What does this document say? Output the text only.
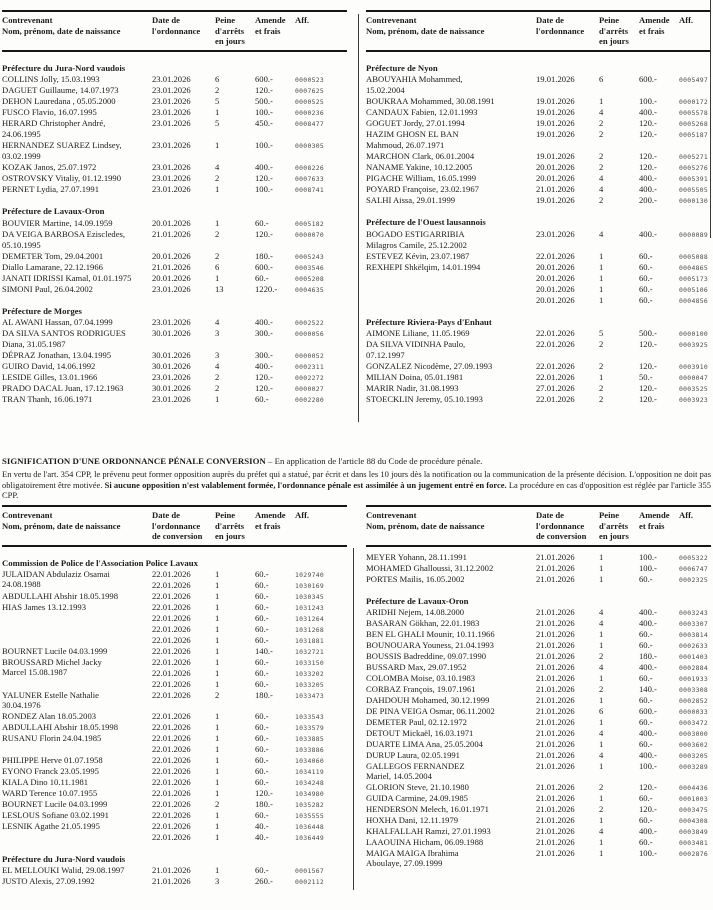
Contrevenant
Nom, prénom, date de naissance
Date de
l'ordonnance
Peine
d'arrêts
en jours
Amende
et frais
Aff.
Préfecture du Jura-Nord vaudois
COLLINS Jolly, 15.03.1993	23.01.2026	6	600.-	0000523
DAGUET Guillaume, 14.07.1973	23.01.2026	2	120.-	0007625
DEHON Lauredana , 05.05.2000	23.01.2026	5	500.-	0000525
FUSCO Flavio, 16.07.1995	23.01.2026	1	100.-	0000236
HERARD Christopher André,
24.06.1995
23.01.2026	5	450.-	0008477
HERNANDEZ SUAREZ Lindsey,
03.02.1999
23.01.2026	1	100.-	0000305
KOZAK Janos, 25.07.1972	23.01.2026	4	400.-	0008226
OSTROVSKY Vitaliy, 01.12.1990	23.01.2026	2	120.-	0007633
PERNET Lydia, 27.07.1991	23.01.2026	1	100.-	0008741
Préfecture de Lavaux-Oron
BOUVIER Martine, 14.09.1959	20.01.2026	1	60.-	0005182
DA VEIGA BARBOSA Eziscledes,
05.10.1995
21.01.2026	2	120.-	0000070
DEMETER Tom, 29.04.2001	20.01.2026	2	180.-	0005243
Diallo Lamarane, 22.12.1966	21.01.2026	6	600.-	0003546
JANATI IDRISSI Kamal, 01.01.1975	20.01.2026	1	60.-	0005208
SIMONI Paul, 26.04.2002	23.01.2026	13	1220.-	0004635
Préfecture de Morges
AL AWANI Hassan, 07.04.1999	23.01.2026	4	400.-	0002522
DA SILVA SANTOS RODRIGUES
Diana, 31.05.1987
30.01.2026	3	300.-	0000056
DÉPRAZ Jonathan, 13.04.1995	30.01.2026	3	300.-	0000052
GUIRO David, 14.06.1992	30.01.2026	4	400.-	0002311
LESIDE Gilles, 13.01.1966	23.01.2026	2	120.-	0002272
PRADO DACAL Juan, 17.12.1963	30.01.2026	2	120.-	0000027
TRAN Thanh, 16.06.1971	23.01.2026	1	60.-	0002280
Contrevenant
Nom, prénom, date de naissance
Date de
l'ordonnance
Peine
d'arrêts
en jours
Amende
et frais
Aff.
Préfecture de Nyon
ABOUYAHIA Mohammed,
15.02.2004
19.01.2026	6	600.-	0005497
BOUKRAA Mohammed, 30.08.1991	19.01.2026	1	100.-	0000172
CANDAUX Fabien, 12.01.1993	19.01.2026	4	400.-	0005578
GOGUET Jordy, 27.01.1994	19.01.2026	2	120.-	0005268
HAZIM GHOSN EL BAN
Mahmoud, 26.07.1971
19.01.2026	2	120.-	0005187
MARCHON Clark, 06.01.2004	19.01.2026	2	120.-	0005271
NANAME Yakine, 10.12.2005	20.01.2026	2	120.-	0005276
PIGACHE William, 16.05.1999	20.01.2026	4	400.-	0005391
POYARD Françoise, 23.02.1967	21.01.2026	4	400.-	0005505
SALHI Aissa, 29.01.1999	19.01.2026	2	200.-	0000130
Préfecture de l'Ouest lausannois
BOGADO ESTIGARRIBIA
Milagros Camile, 25.12.2002
23.01.2026	4	400.-	0000089
ESTEVEZ Kévin, 23.07.1987	22.01.2026	1	60.-	0005088
REXHEPI Shkëlqim, 14.01.1994	20.01.2026	1	60.-	0004865
20.01.2026	1	60.-	0005173
20.01.2026	1	60.-	0005106
20.01.2026	1	60.-	0004856
Préfecture Riviera-Pays d'Enhaut
AIMONE Liliane, 11.05.1969	22.01.2026	5	500.-	0000100
DA SILVA VIDINHA Paulo,
07.12.1997
22.01.2026	2	120.-	0003925
GONZALEZ Nicodème, 27.09.1993	22.01.2026	2	120.-	0003910
MILIAN Doina, 05.01.1981	22.01.2026	1	50.-	0000047
MARIR Nadir, 31.08.1993	27.01.2026	2	120.-	0003525
STOECKLIN Jeremy, 05.10.1993	22.01.2026	2	120.-	0003923

SIGNIFICATION D'UNE ORDONNANCE PÉNALE CONVERSION – En application de l'article 88 du Code de procédure pénale.

En vertu de l'art. 354 CPP, le prévenu peut former opposition auprès du préfet qui a statué, par écrit et dans les 10 jours dès la notification ou la communication de la présente décision. L'opposition ne doit pas obligatoirement être motivée. Si aucune opposition n'est valablement formée, l'ordonnance pénale est assimilée à un jugement entré en force. La procédure en cas d'opposition est réglée par l'article 355 CPP.

Contrevenant
Nom, prénom, date de naissance
Date de
l'ordonnance
de conversion
Peine
d'arrêts
en jours
Amende
et frais
Aff.
Commission de Police de l'Association Police Lavaux
JULAIDAN Abdulaziz Osamai
24.08.1988
22.01.2026	1	60.-	1029740
22.01.2026	1	60.-	1030169
ABDULLAHI Abshir 18.05.1998	22.01.2026	1	60.-	1030345
HIAS James 13.12.1993	22.01.2026	1	60.-	1031243
22.01.2026	1	60.-	1031264
22.01.2026	1	60.-	1031268
22.01.2026	1	60.-	1031881
BOURNET Lucile 04.03.1999	22.01.2026	1	140.-	1032721
BROUSSARD Michel Jacky
Marcel 15.08.1987
22.01.2026	1	60.-	1033150
22.01.2026	1	60.-	1033202
22.01.2026	1	60.-	1033205
YALUNER Estelle Nathalie
30.04.1976
22.01.2026	2	180.-	1033473
RONDEZ Alan 18.05.2003	22.01.2026	1	60.-	1033543
ABDULLAHI Abshir 18.05.1998	22.01.2026	1	60.-	1033579
RUSANU Florin 24.04.1985	22.01.2026	1	60.-	1033885
22.01.2026	1	60.-	1033886
PHILIPPE Herve 01.07.1958	22.01.2026	1	60.-	1034060
EYONO Franck 23.05.1995	22.01.2026	1	60.-	1034119
KIALA Dino 10.11.1981	22.01.2026	1	60.-	1034248
WARD Terence 10.07.1955	22.01.2026	1	120.-	1034980
BOURNET Lucile 04.03.1999	22.01.2026	2	180.-	1035282
LESLOUS Sofiane 03.02.1991	22.01.2026	1	60.-	1035555
LESNIK Agathe 21.05.1995	22.01.2026	1	40.-	1036448
22.01.2026	1	40.-	1036449
Préfecture du Jura-Nord vaudois
EL MELLOUKI Walid, 29.08.1997	21.01.2026	1	60.-	0001567
JUSTO Alexis, 27.09.1992	21.01.2026	3	260.-	0002112
Contrevenant
Nom, prénom, date de naissance
Date de
l'ordonnance
de conversion
Peine
d'arrêts
en jours
Amende
et frais
Aff.
MEYER Yohann, 28.11.1991	21.01.2026	1	100.-	0005322
MOHAMED Ghalloussi, 31.12.2002	21.01.2026	1	100.-	0006747
PORTES Mailis, 16.05.2002	21.01.2026	1	60.-	0002325
Préfecture de Lavaux-Oron
ARIDHI Nejem, 14.08.2000	21.01.2026	4	400.-	0003243
BASARAN Gökhan, 22.01.1983	21.01.2026	4	400.-	0003307
BEN EL GHALI Mounir, 10.11.1966	21.01.2026	1	60.-	0003814
BOUNOUARA Youness, 21.04.1993	21.01.2026	1	60.-	0002633
BOUSSIS Badreddine, 09.07.1990	21.01.2026	2	180.-	0001403
BUSSARD Max, 29.07.1952	21.01.2026	4	400.-	0002884
COLOMBA Moise, 03.10.1983	21.01.2026	1	60.-	0001933
CORBAZ François, 19.07.1961	21.01.2026	2	140.-	0003308
DAHDOUH Mohamed, 30.12.1999	21.01.2026	1	60.-	0002852
DE PINA VEIGA Osmar, 06.11.2002	21.01.2026	6	600.-	0000033
DEMETER Paul, 02.12.1972	21.01.2026	1	60.-	0003472
DETOUT Mickaël, 16.03.1971	21.01.2026	4	400.-	0003000
DUARTE LIMA Ana, 25.05.2004	21.01.2026	1	60.-	0003602
DURUP Laura, 02.05.1991	21.01.2026	4	400.-	0003205
GALLEGOS FERNANDEZ
Mariel, 14.05.2004
21.01.2026	1	100.-	0003289
GLORION Steve, 21.10.1980	21.01.2026	2	120.-	0004436
GUIDA Carmine, 24.09.1985	21.01.2026	1	60.-	0001003
HENDERSON Melech, 16.01.1971	21.01.2026	2	120.-	0003475
HOXHA Dani, 12.11.1979	21.01.2026	1	60.-	0004308
KHALFALLAH Ramzi, 27.01.1993	21.01.2026	4	400.-	0003849
LAAOUINA Hicham, 06.09.1988	21.01.2026	1	60.-	0003481
MAIGA MAIGA Ibrahima
Aboulaye, 27.09.1999
21.01.2026	1	100.-	0002876
